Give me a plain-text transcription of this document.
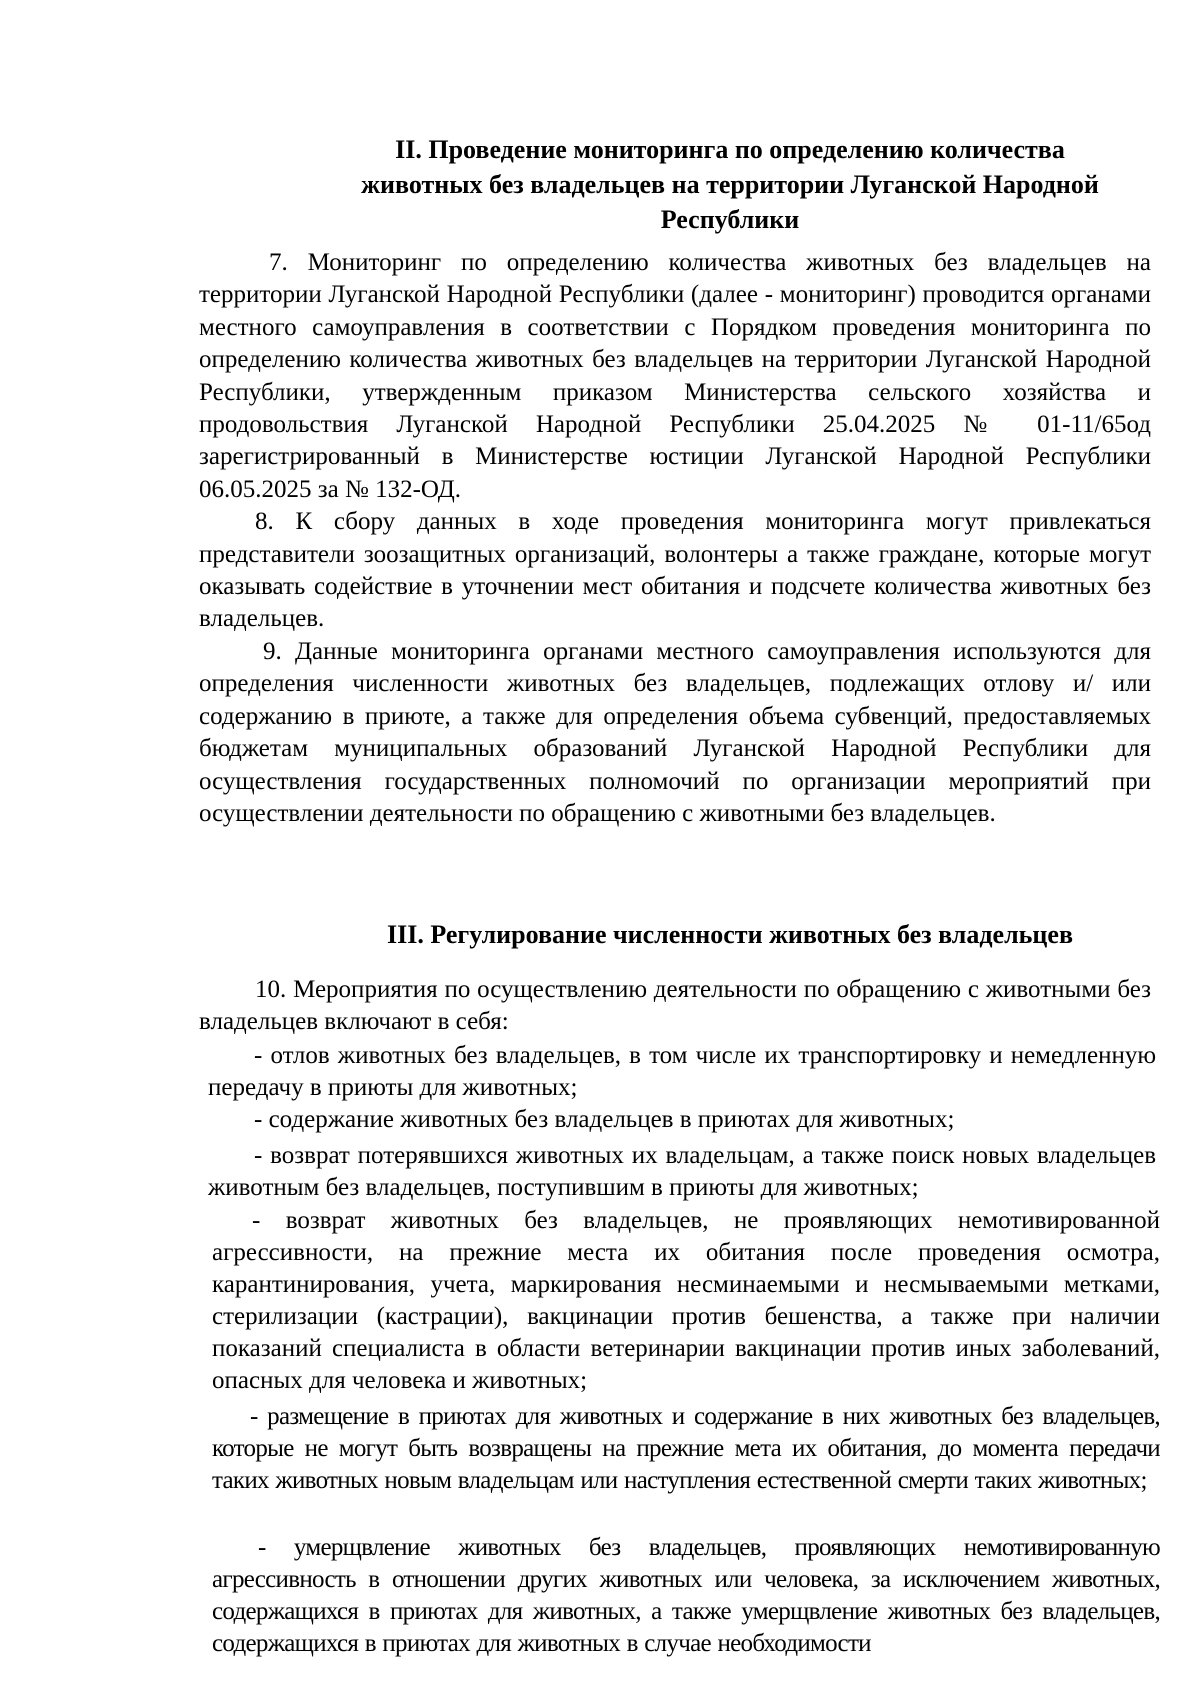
II. Проведение мониторинга по определению количества
животных без владельцев на территории Луганской Народной
Республики

7. Мониторинг по определению количества животных без владельцев на территории Луганской Народной Республики (далее - мониторинг) проводится органами местного самоуправления в соответствии с Порядком проведения мониторинга по определению количества животных без владельцев на территории Луганской Народной Республики, утвержденным приказом Министерства сельского хозяйства и продовольствия Луганской Народной Республики 25.04.2025 № 01-11/65од зарегистрированный в Министерстве юстиции Луганской Народной Республики 06.05.2025 за № 132-ОД.

8. К сбору данных в ходе проведения мониторинга могут привлекаться представители зоозащитных организаций, волонтеры а также граждане, которые могут оказывать содействие в уточнении мест обитания и подсчете количества животных без владельцев.

9. Данные мониторинга органами местного самоуправления используются для определения численности животных без владельцев, подлежащих отлову и/ или содержанию в приюте, а также для определения объема субвенций, предоставляемых бюджетам муниципальных образований Луганской Народной Республики для осуществления государственных полномочий по организации мероприятий при осуществлении деятельности по обращению с животными без владельцев.

III. Регулирование численности животных без владельцев

10. Мероприятия по осуществлению деятельности по обращению с животными без владельцев включают в себя:

- отлов животных без владельцев, в том числе их транспортировку и немедленную передачу в приюты для животных;

- содержание животных без владельцев в приютах для животных;

- возврат потерявшихся животных их владельцам, а также поиск новых владельцев животным без владельцев, поступившим в приюты для животных;

- возврат животных без владельцев, не проявляющих немотивированной агрессивности, на прежние места их обитания после проведения осмотра, карантинирования, учета, маркирования несминаемыми и несмываемыми метками, стерилизации (кастрации), вакцинации против бешенства, а также при наличии показаний специалиста в области ветеринарии вакцинации против иных заболеваний, опасных для человека и животных;

- размещение в приютах для животных и содержание в них животных без владельцев, которые не могут быть возвращены на прежние мета их обитания, до момента передачи таких животных новым владельцам или наступления естественной смерти таких животных;

- умерщвление животных без владельцев, проявляющих немотивированную агрессивность в отношении других животных или человека, за исключением животных, содержащихся в приютах для животных, а также умерщвление животных без владельцев, содержащихся в приютах для животных в случае необходимости
